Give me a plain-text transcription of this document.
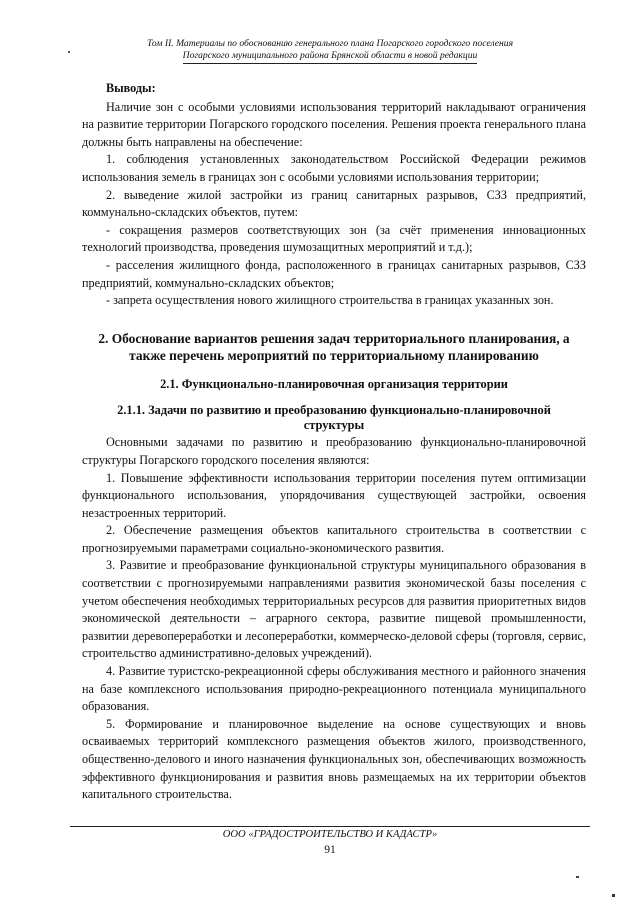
Том II. Материалы по обоснованию генерального плана Погарского городского поселения
Погарского муниципального района Брянской области в новой редакции
Выводы:

Наличие зон с особыми условиями использования территорий накладывают ограничения на развитие территории Погарского городского поселения. Решения проекта генерального плана должны быть направлены на обеспечение:

1. соблюдения установленных законодательством Российской Федерации режимов использования земель в границах зон с особыми условиями использования территории;

2. выведение жилой застройки из границ санитарных разрывов, СЗЗ предприятий, коммунально-складских объектов, путем:

- сокращения размеров соответствующих зон (за счёт применения инновационных технологий производства, проведения шумозащитных мероприятий и т.д.);

- расселения жилищного фонда, расположенного в границах санитарных разрывов, СЗЗ предприятий, коммунально-складских объектов;

- запрета осуществления нового жилищного строительства в границах указанных зон.

2. Обоснование вариантов решения задач территориального планирования, а также перечень мероприятий по территориальному планированию
2.1. Функционально-планировочная организация территории
2.1.1. Задачи по развитию и преобразованию функционально-планировочной структуры

Основными задачами по развитию и преобразованию функционально-планировочной структуры Погарского городского поселения являются:

1. Повышение эффективности использования территории поселения путем оптимизации функционального использования, упорядочивания существующей застройки, освоения незастроенных территорий.

2. Обеспечение размещения объектов капитального строительства в соответствии с прогнозируемыми параметрами социально-экономического развития.

3. Развитие и преобразование функциональной структуры муниципального образования в соответствии с прогнозируемыми направлениями развития экономической базы поселения с учетом обеспечения необходимых территориальных ресурсов для развития приоритетных видов экономической деятельности – аграрного сектора, развитие пищевой промышленности, развитии деревопереработки и лесопереработки, коммерческо-деловой сферы (торговля, сервис, строительство административно-деловых учреждений).

4. Развитие туристско-рекреационной сферы обслуживания местного и районного значения на базе комплексного использования природно-рекреационного потенциала муниципального образования.

5. Формирование и планировочное выделение на основе существующих и вновь осваиваемых территорий комплексного размещения объектов жилого, производственного, общественно-делового и иного назначения функциональных зон, обеспечивающих возможность эффективного функционирования и развития вновь размещаемых на их территории объектов капитального строительства.

ООО «ГРАДОСТРОИТЕЛЬСТВО И КАДАСТР»
91
